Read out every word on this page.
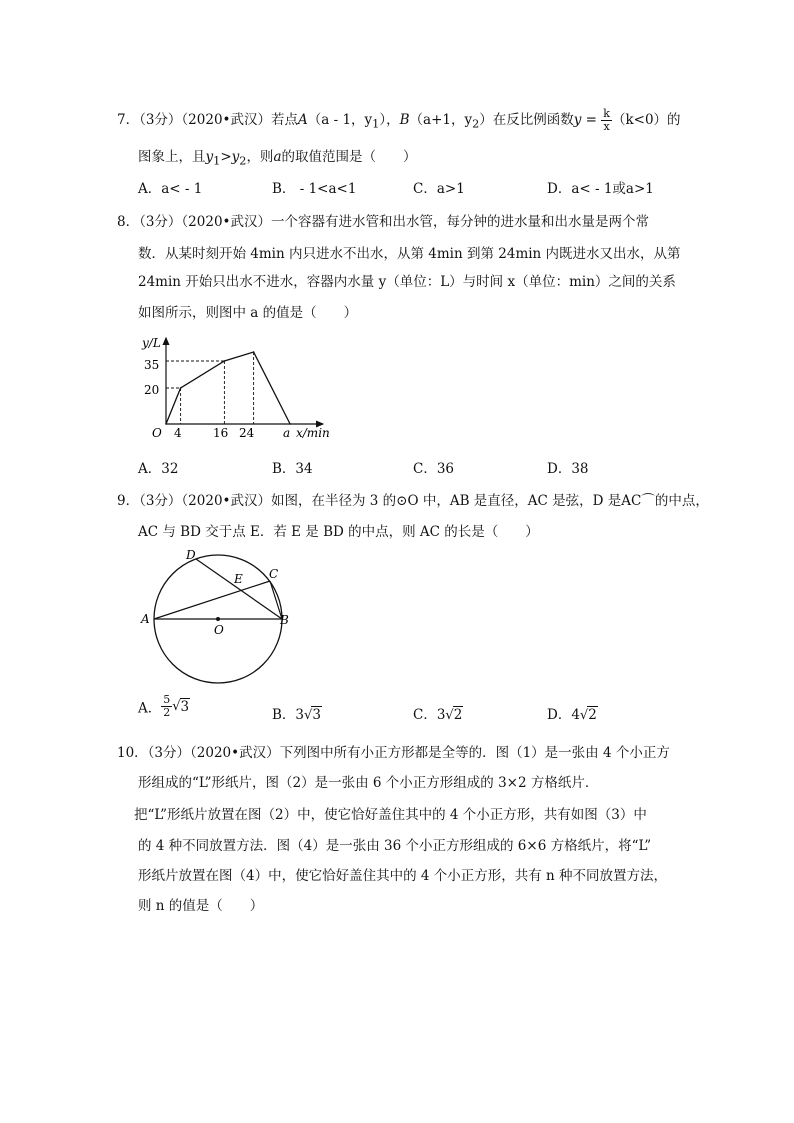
7．（3分）（2020•武汉）若点A（a - 1，$y_1$），B（a+1，$y_2$）在反比例函数$y = \frac{k}{x} (k<0)$的
图象上，且$y_1>y_2$，则a的取值范围是（　　）
A．a< - 1	B． - 1<a<1	C．a>1	D．a< - 1或a>1
8．（3分）（2020•武汉）一个容器有进水管和出水管，每分钟的进水量和出水量是两个常
数．从某时刻开始 4min 内只进水不出水，从第 4min 到第 24min 内既进水又出水，从第
24min 开始只出水不进水，容器内水量 y（单位：L）与时间 x（单位：min）之间的关系
如图所示，则图中 a 的值是（　　）
y/L
O	x/min
35
20
4	16 24 a
A．32	B．34	C．36	D．38
9．（3分）（2020•武汉）如图，在半径为 3 的⊙O 中，AB 是直径，AC 是弦，D 是AC⌒的中点，
AC 与 BD 交于点 E．若 E 是 BD 的中点，则 AC 的长是（　　）
A	B
C
D
E
O
A． $\frac{5}{2} √3$	B．3√3	C．3√2	D．4√2
10．（3分）（2020•武汉）下列图中所有小正方形都是全等的．图（1）是一张由 4 个小正方
形组成的“L”形纸片，图（2）是一张由 6 个小正方形组成的 3×2 方格纸片．
把“L”形纸片放置在图（2）中，使它恰好盖住其中的 4 个小正方形，共有如图（3）中
的 4 种不同放置方法．图（4）是一张由 36 个小正方形组成的 6×6 方格纸片，将“L”
形纸片放置在图（4）中，使它恰好盖住其中的 4 个小正方形，共有 n 种不同放置方法，
则 n 的值是（　　）
